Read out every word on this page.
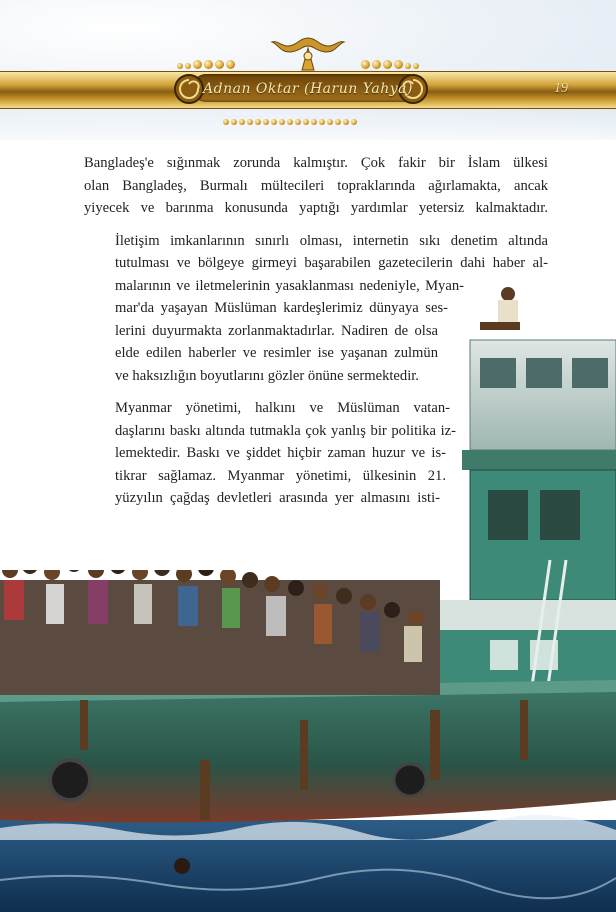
Adnan Oktar (Harun Yahya)	19

Bangladeş'e sığınmak zorunda kalmıştır. Çok fakir bir İslam ülkesi
olan Bangladeş, Burmalı mültecileri topraklarında ağırlamakta, ancak
yiyecek ve barınma konusunda yaptığı yardımlar yetersiz kalmaktadır.

İletişim imkanlarının sınırlı olması, internetin sıkı denetim altında
tutulması ve bölgeye girmeyi başarabilen gazetecilerin dahi haber al-
malarının ve iletmelerinin yasaklanması nedeniyle, Myan-
mar'da yaşayan Müslüman kardeşlerimiz dünyaya ses-
lerini duyurmakta zorlanmaktadırlar. Nadiren de olsa
elde edilen haberler ve resimler ise yaşanan zulmün
ve haksızlığın boyutlarını gözler önüne sermektedir.

Myanmar yönetimi, halkını ve Müslüman vatan-
daşlarını baskı altında tutmakla çok yanlış bir politika iz-
lemektedir. Baskı ve şiddet hiçbir zaman huzur ve is-
tikrar sağlamaz. Myanmar yönetimi, ülkesinin 21.
yüzyılın çağdaş devletleri arasında yer almasını isti-
